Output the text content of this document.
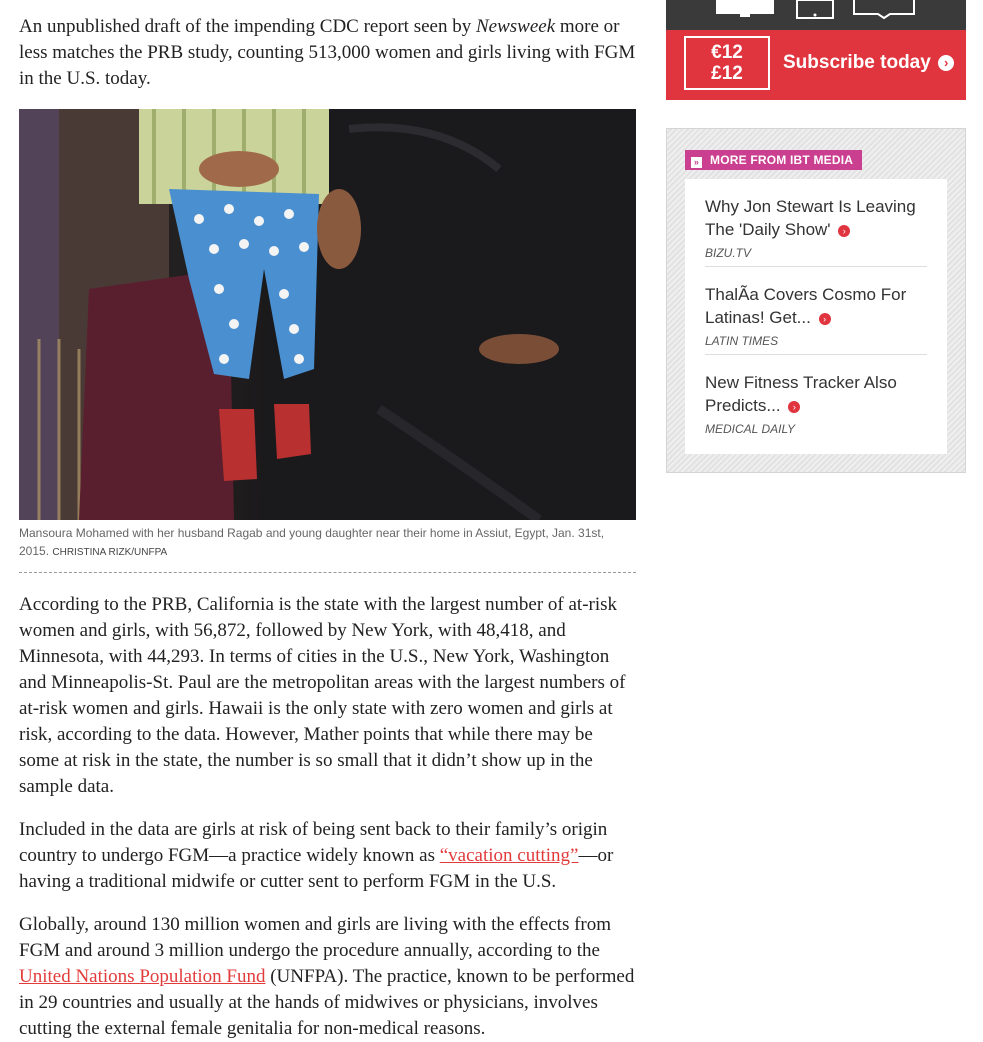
An unpublished draft of the impending CDC report seen by Newsweek more or less matches the PRB study, counting 513,000 women and girls living with FGM in the U.S. today.

Mansoura Mohamed with her husband Ragab and young daughter near their home in Assiut, Egypt, Jan. 31st, 2015. CHRISTINA RIZK/UNFPA

According to the PRB, California is the state with the largest number of at-risk women and girls, with 56,872, followed by New York, with 48,418, and Minnesota, with 44,293. In terms of cities in the U.S., New York, Washington and Minneapolis-St. Paul are the metropolitan areas with the largest numbers of at-risk women and girls. Hawaii is the only state with zero women and girls at risk, according to the data. However, Mather points that while there may be some at risk in the state, the number is so small that it didn’t show up in the sample data.

Included in the data are girls at risk of being sent back to their family’s origin country to undergo FGM—a practice widely known as “vacation cutting”—or having a traditional midwife or cutter sent to perform FGM in the U.S.

Globally, around 130 million women and girls are living with the effects from FGM and around 3 million undergo the procedure annually, according to the United Nations Population Fund (UNFPA). The practice, known to be performed in 29 countries and usually at the hands of midwives or physicians, involves cutting the external female genitalia for non-medical reasons.

€12
£12
Subscribe today ›
» MORE FROM IBT MEDIA
Why Jon Stewart Is Leaving The 'Daily Show' ›
BIZU.TV
ThalÃa Covers Cosmo For Latinas! Get... ›
LATIN TIMES
New Fitness Tracker Also Predicts... ›
MEDICAL DAILY
